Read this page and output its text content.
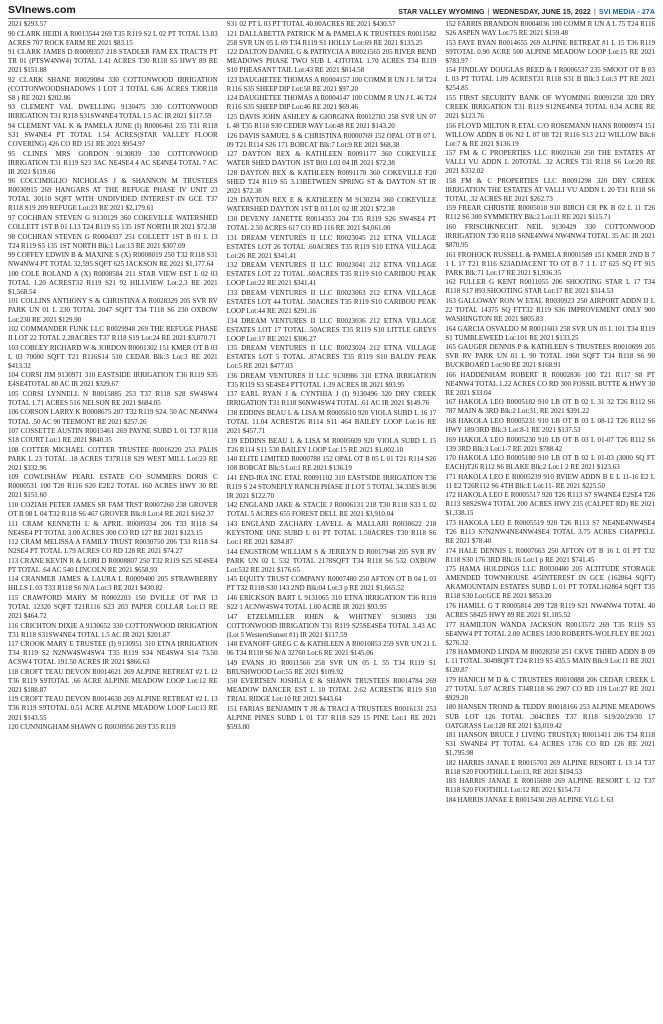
SVInews.com	STAR VALLEY WYOMING | WEDNESDAY, JUNE 15, 2022 | SVI MEDIA - 27A

2021 $293.57

90 CLARK HEIDI A R0013544 269 T35 R119 S2 L 02 PT TOTAL 13.83 ACRES 707 ROCK FARM RE 2021 $83.15

91 CLARK JAMES D R0009357 218 STADLER FAM EX TRACTS PT TR 01 (PTSW4NW4) TOTAL 1.41 ACRES T30 R118 S5 HWY 89 RE 2021 $151.88

92 CLARK SHANE R0029084 330 COTTONWOOD IRRIGATION (COTTONWOODSHADOWS I LOT 3 TOTAL 6.86 ACRES T30R118 S8 ) RE 2021 $202.86

93 CLEMENT VAL DWELLING 9130475 330 COTTONWOOD IRRIGATION T31 R118 S31SW4NE4 TOTAL 1.5 AC IR 2021 $117.59

94 CLEMENT VAL K & PAMELA JUNE (I) R0006461 235 T31 R118 S31 SW4NE4 PT TOTAL 1.54 ACRES(STAR VALLEY FLOOR COVERING) 426 CO RD 151 RE 2021 $954.97

95 CLINES MRS GORDON 9130839 330 COTTONWOOD IRRIGATION T31 R119 S23 3AC NE4SE4 4 AC SE4NE4 TOTAL 7 AC IR 2021 $119.66

96 COCCIMIGLIO NICHOLAS J & SHANNON M TRUSTEES R0030915 269 HANGARS AT THE REFUGE PHASE IV UNIT 23 TOTAL 30110 SQFT WITH UNDIVIDED INTEREST IN GCE T37 R118 S19 209 REFUGE Lot:23 RE 2021 $2,179.61

97 COCHRAN STEVEN G 9130129 360 COKEVILLE WATERSHED COLLETT 1ST B 01 L13 T24 R119 S5 135 1ST NORTH IR 2021 $72.38

98 COCHRAN STEVEN G R0004337 251 COLLETT 1ST B 01 L 13 T24 R119 S5 135 1ST NORTH Blk:1 Lot:13 RE 2021 $307.09

99 COFFEY EDWIN B & MAXINE S (X) R0008019 250 T32 R118 S31 NW4NW4 PT TOTAL 32,595 SQFT 625 JACKSON RE 2021 $1,177.64

100 COLE ROLAND A (X) R0008584 211 STAR VIEW EST L 02 03 TOTAL 1.20 ACREST32 R119 S21 92 HILLVIEW Lot:2,3 RE 2021 $1,568.54

101 COLLINS ANTHONY S & CHRISTINA A R0028329 205 SVR RV PARK UN 01 L 230 TOTAL 2047 SQFT T34 T118 S6 230 OXBOW Lot:230 RE 2021 $129.90

102 COMMANDER FUNK LLC R0029948 269 THE REFUGE PHASE II LOT 22 TOTAL 2.28ACRES T37 R118 S19 Lot:24 RE 2021 $3,870.71

103 COBLEY RICHARD W & JORDON R0001302 151 KMER OT B 03 L 03 70000 SQFT T21 R116S14 510 CEDAR Blk:3 Lot:3 RE 2021 $413.32

104 CORSI JIM 9130971 310 EASTSIDE IRRIGATION T36 R119 S35 E4SE4TOTAL 80 AC IR 2021 $329.67

105 CORSI LYNNELL N R0015885 253 T37 R118 S28 SW4SW4 TOTAL 1.71 ACRES 516 NELSON RE 2021 $684.05

106 CORSON LARRY K R0008675 207 T32 R119 S24. 50 AC NE4NW4 TOTAL .50 AC 90 TEEMONT RE 2021 $257.26

107 COSSETTE AUSTIN R0015461 269 PAYNE SUBD L 01 T37 R118 S18 COURT Lot:1 RE 2021 $840.35

108 COTTER MICHAEL COTTER TRUSTEE R0016220 253 PALIS PARK L 23 TOTAL .18 ACRES T37R118 S29 WEST MILL Lot:23 RE 2021 $332.96

109 COWLISHAW PEARL ESTATE C/O SUMMERS DORIS C R0000531 100 T20 R116 S20 E2E2 TOTAL 160 ACRES HWY 30 RE 2021 $151.60

110 COZIAH PETER JAMES SR FAM TRST R0007260 238 GROVER OT B 08 L 04 T32 R118 S6 467 GROVER Blk:8 Lot:4 RE 2021 $162.37

111 CRAM KENNETH L & APRIL R0009334 206 T33 R118 S4 NE4SE4 PT TOTAL 3.00 ACRES 300 CO RD 127 RE 2021 $123.15

112 CRAM MELISSA A FAMILY TRUST R0030750 206 T33 R118 S4 N2SE4 PT TOTAL 1.79 ACRES CO RD 128 RE 2021 $74.27

113 CRANE KEVIN R & LORI D R0008807 250 T32 R119 S25 SE4SE4 PT TOTAL .64 AC 540 LINCOLN RE 2021 $658.93

114 CRANMER JAMES & LAURA L R0009400 205 STRAWBERRY HILLS L 03 T33 R118 S6 N/A Lot:3 RE 2021 $430.82

115 CRAWFORD MARY M R0002203 150 DVILLE OT PAR 13 TOTAL 12320 SQFT T21R116 S23 203 PAPER COLLAR Lot:13 RE 2021 $464.72

116 CRICHTON DIXIE A 9130652 330 COTTONWOOD IRRIGATION T31 R118 S31SW4NE4 TOTAL 1.5 AC IR 2021 $201.87

117 CROOK MARY E TRUSTEE (I) 9130951 310 ETNA IRRIGATION T34 R119 S2 N2NW4SW4SW4 T35 R119 S34 NE4SW4 S14 73.50 ACSW4 TOTAL 191.50 ACRES IR 2021 $866.63

118 CROFT TEAU DEVON R0014621 269 ALPINE RETREAT #2 L 12 T36 R119 S9TOTAL .66 ACRE ALPINE MEADOW LOOP Lot:12 RE 2021 $188.87

119 CROFT TEAU DEVON R0014630 269 ALPINE RETREAT #2 L 13 T36 R119 S9TOTAL 0.51 ACRE ALPINE MEADOW LOOP Lot:13 RE 2021 $143.55

120 CUNNINGHAM SHAWN G R0030956 269 T35 R119

S31 02 PT L 03 PT TOTAL 40.00ACRES RE 2021 $430.57

121 DALLABETTA PATRICK M & PAMELA K TRUSTEES R0011582 258 SVR UN 05 L 69 T34 R119 S1 HOLLY Lot:69 RE 2021 $133.25

122 DALTON DANIEL G & PATRYCIA A R0021565 205 RIVER BEND MEADOWS PHASE TWO SUB L 43TOTAL 1.70 ACRES T34 R119 S10 PHEASANT TAIL Lot:43 RE 2021 $814.58

123 DAUGHETEE THOMAS A R0004157 100 COMM R UN J L 58 T24 R116 S35 SHEEP DIP Lot:58 RE 2021 $97.20

124 DAUGHETEE THOMAS A R0004147 100 COMM R UN J L 46 T24 R116 S35 SHEEP DIP Lot:46 RE 2021 $69.46

125 DAVIS JOHN ASHLEY & GIORGINA R0012783 258 SVR UN 07 L 48 T35 R118 S30 CEDER WAY Lot:48 RE 2021 $143.20

126 DAVIS SAMUEL S & CHRISTINA R0000769 152 OPAL OT B 07 L 09 T21 R114 S26 171 BOBCAT Blk:7 Lot:9 RE 2021 $68.38

127 DAYTON REX & KATHLEEN R0091177 360 COKEVILLE WATER SHED DAYTON 1ST B03 L03 04 IR 2021 $72.38

128 DAYTON REX & KATHLEEN R0091178 360 COKEVILLE F20 SHED T24 R119 S5 3.13BETWEEN SPRING ST & DAYTON ST IR 2021 $72.38

129 DAYTON REX E & KATHLEEN M 9130234 360 COKEVILLE WATERSHED DAYTON 1ST B 03 L01 02 IR 2021 $72.38

130 DEVENY JANETTE R0014353 204 T35 R119 S26 SW4SE4 PT TOTAL 2.50 ACRES 617 CO RD 116 RE 2021 $4,061.00

131 DREAM VENTURES II LLC R0023045 212 ETNA VILLAGE ESTATES LOT 26 TOTAL .60ACRES T35 R119 S10 ETNA VILLAGE Lot:26 RE 2021 $341.41

132 DREAM VENTURES II LLC R0023041 212 ETNA VILLAGE ESTATES LOT 22 TOTAL .60ACRES T35 R119 S10 CARIBOU PEAK LOOP Lot:22 RE 2021 $341.41

133 DREAM VENTURES II LLC R0023063 212 ETNA VILLAGE ESTATES LOT 44 TOTAL .50ACRES T35 R119 S10 CARIBOU PEAK LOOP Lot:44 RE 2021 $291.16

134 DREAM VENTURES II LLC R0023036 212 ETNA VILLAGE ESTATES LOT 17 TOTAL .50ACRES T35 R119 S10 LITTLE GREYS LOOP Lot:17 RE 2021 $306.27

135 DREAM VENTURES II LLC R0023024 212 ETNA VILLAGE ESTATES LOT 5 TOTAL .87ACRES T35 R119 S10 BALDY PEAK Lot:5 RE 2021 $477.03

136 DREAM VENTURES II LLC 9130986 310 ETNA IRRIGATION T35 R119 S3 SE4SE4 PTTOTAL 1.39 ACRES IR 2021 $93.95

137 EARL RYAN J & CYNTHIA J (I) 9130496 320 DRY CREEK IRRIGATION T31 R118 S6NW4SW4 TOTAL .61 AC IR 2021 $149.76

138 EDDINS BEAU L & LISA M R0005610 920 VIOLA SUBD L 16 17 TOTAL 11.04 ACREST26 R114 S11 464 BAILEY LOOP Lot:16 RE 2021 $457.71

139 EDDINS BEAU L & LISA M R0005609 920 VIOLA SUBD L 15 T26 R114 S11 530 BAILEY LOOP Lot:15 RE 2021 $1,002.10

140 ELITE LIMITED R0000788 152 OPAL OT B 05 L 01 T21 R114 S26 108 BOBCAT Blk:5 Lot:1 RE 2021 $136.19

141 END-IRA INC ETAL R0091102 310 EASTSIDE IRRIGATION T36 R119 S 24 STONEFLY RANCH PHASE II LOT 5 TOTAL 34.33ES I0.96 IR 2021 $122.70

142 ENGLAND JAKE & STACIE J R0006131 218 T30 R118 S33 L 02 TOTAL 5 ACRES 655 FOREST DELL RE 2021 $3,910.04

143 ENGLAND ZACHARY LAVELL & MALLARI R0030622 218 KEYSTONE ONE SUBD L 01 PT TOTAL 1.50ACRES T30 R118 S6 Lot:1 RE 2021 $284.87

144 ENGSTROM WILLIAM S & JERILYN D R0017948 205 SVR RV PARK UN 02 L 532 TOTAL 2178SQFT T34 R118 S6 532 OXBOW Lot:532 RE 2021 $176.65

145 EQUITY TRUST COMPANY R0007480 250 AFTON OT B 04 L 03 PT T32 R118 S30 143 2ND Blk:04 Lot:3 p RE 2021 $1,665.52

146 ERICKSON BART L 9131065 310 ETNA IRRIGATION T36 R119 S22 1 ACNW4SW4 TOTAL 1.00 ACRE IR 2021 $93.95

147 ETZELMILLER RHEN & WHITNEY 9130893 330 COTTONWOOD IRRIGATION T31 R119 S25SE4SE4 TOTAL 3.43 AC (Lot 5 WesternSunset #1) IR 2021 $117.59

148 EVANOFF GREG C & KATHLEEN A R0010853 259 SVR UN 21 L 06 T34 R118 S6 N/A 32760 Lot:6 RE 2021 $145.06

149 EVANS JO R0011566 258 SVR UN 05 L 55 T34 R119 S1 BRUSHWOOD Lot:55 RE 2021 $109.92

150 EVERTSEN JOSHUA E & SHAWN TRUSTEES R0014784 269 MEADOW DANCER EST L 10 TOTAL 2.62 ACREST36 R119 S10 TRIAL RIDGE Lot:10 RE 2021 $443.64

151 FARIAS BENJAMIN T JR & TRACI A TRUSTEES R0016131 253 ALPINE PINES SUBD L 01 T37 R118 S29 15 PINE Lot:1 RE 2021 $593.80

152 FARRIS BRANDON R0004036 100 COMM R UN A L 75 T24 R116 S26 ASPEN WAY Lot:75 RE 2021 $159.48

153 FAYE RYAN R0014655 269 ALPINE RETREAT #1 L 15 T36 R119 S9TOTAL 0.90 ACRE 500 ALPINE MEADOW LOOP Lot:15 RE 2021 $783.97

154 FINDLAY DOUGLAS REED & I R0006537 235 SMOOT OT B 03 L 03 PT TOTAL 1.09 ACREST31 R118 S31 B Blk:3 Lot:3 PT RE 2021 $254.85

155 FIRST SECURITY BANK OF WYOMING R0091258 320 DRY CREEK IRRIGATION T31 R119 S12NE4NE4 TOTAL 0.34 ACRE RE 2021 $123.76

156 FLOYD MILTON R ETAL C/O ROSEMANN HANS R0000974 151 WILLOW ADDN B 06 N2 L 07 08 T21 R116 S13 212 WILLOW Blk:6 Lot:7 & RE 2021 $136.19

157 FM & C PROPERTIES LLC R0021630 250 THE ESTATES AT VALLI VU ADDN L 20TOTAL .32 ACRES T31 R118 S6 Lot:20 RE 2021 $332.02

158 FM & C PROPERTIES LLC R0091298 320 DRY CREEK IRRIGATION THE ESTATES AT VALLI VU ADDN L 20 T31 R118 S6 TOTAL .32 ACRES RE 2021 $262.73

159 FREAR CHRISTIE R0005018 910 BIRCH CR PK B 02 L 11 T26 R112 S6 300 SYMMETRY Blk:2 Lot:11 RE 2021 $115.71

160 FRISCHKNECHT NEIL 9130429 330 COTTONWOOD IRRIGATION T30 R118 S6NE4NW4 NW4NW4 TOTAL 35 AC IR 2021 $870.95

161 FROHOCK RUSSELL & PAMELA R0001589 151 KMER 2ND B 7 1 L 17 T21 R116 S23ADJACENT TO OT B 7 1 L 17 625 SQ FT 915 PARK Blk:71 Lot:17 RE 2021 $1,936.35

162 FULLER G KENT R0011055 206 SHOOTING STAR L 17 T34 R118 S17 893 SHOOTING STAR Lot:17 RE 2021 $314.53

163 GALLOWAY RON W ETAL R0030923 250 AIRPORT ADDN II L 22 TOTAL 14375 SQ FTT32 R119 S36 IMPROVEMENT ONLY 900 WASHINGTON RE 2021 $805.83

164 GARCIA OSVALDO M R0011603 258 SVR UN 05 L 101 T34 R119 S1 TUMBLEWEED Lot:101 RE 2021 $133.25

165 GAUGER DENNIS P & KATHLEEN S TRUSTEES R0010699 205 SVR RV PARK UN 01 L 90 TOTAL 1960 SQFT T34 R118 S6 90 BUCKBOARD Lot:90 RE 2021 $168.91

166 HADDENHAM ROBERT R R0002836 100 T21 R117 S8 PT NE4NW4 TOTAL 1.22 ACRES CO RD 300 FOSSIL BUTTE & HWY 30 RE 2021 $33.04

167 HAKOLA LEO R0005182 910 LB OT B 02 L 31 32 T26 R112 S6 787 MAIN & 3RD Blk:2 Lot:31, RE 2021 $391.22

168 HAKOLA LEO R0005231 910 LB OT B 03 L 08-12 T26 R112 S6 HWY 189/3RD Blk:3 Lot:8-1 RE 2021 $137.53

169 HAKOLA LEO R0005230 910 LB OT B 03 L 01-07 T26 R112 S6 139 3RD Blk:3 Lot:1-7 RE 2021 $788.42

170 HAKOLA LEO R0005180 910 LB OT B 02 L 01-03 (3000 SQ FT EACH)T26 R112 S6 BLAKE Blk:2 Lot:1 2 RE 2021 $123.63

171 HAKOLA LEO E R0005239 910 RVIEW ADDN B E L 11-16 E2 L 11 E2 T26R112 S6 4TH Blk:E Lot:11- RE 2021 $225.50

172 HAKOLA LEO E R0005517 920 T26 R113 S7 SW4NE4 E2SE4 T26 R113 S8S2SW4 TOTAL 200 ACRES HWY 235 (CALPET RD) RE 2021 $1,338.15

173 HAKOLA LEO E R0005519 920 T26 R113 S7 NE4NE4NW4SE4 T26 R113 S7N2NW4NE4NW4SE4 TOTAL 3.75 ACRES CHAPPELL RE 2021 $78.40

174 HALE DENNIS L R0007663 250 AFTON OT B 16 L 01 PT T32 R118 S30 176 3RD Blk:16 Lot:1 p RE 2021 $741.45

175 HAMA HOLDINGS LLC R0030480 205 ALTITUDE STORAGE AMENDED TOWNHOUSE 4/5INTEREST IN GCE (162864 SQFT) AKAMOUNTAIN ESTATES SUBD L 01 PT TOTAL162864 SQFT T35 R118 S30 Lot:GCE RE 2021 $853.20

176 HAMILL G T R0005814 209 T28 R119 S21 NW4NW4 TOTAL 40 ACRES 58425 HWY 89 RE 2021 $1,185.52

177 HAMILTON WANDA JACKSON R0013572 269 T35 R119 S3 SE4NW4 PT TOTAL 2.00 ACRES 1830 ROBERTS-WOLFLEY RE 2021 $276.32

178 HAMMOND LINDA M R0028350 251 CKVE THIRD ADDN B 09 L 11 TOTAL 30498QFT T24 R119 S5 435.5 MAIN Blk:9 Lot:11 RE 2021 $120.87

179 HANICH M D & C TRUSTEES R0010888 206 CEDAR CREEK L 27 TOTAL 5.07 ACRES T34R118 S6 2907 CO RD 119 Lot:27 RE 2021 $929.20

180 HANSEN TROND & TEDDY R0018166 253 ALPINE MEADOWS SUB LOT 126 TOTAL .304CRES T37 R118 S19/20/29/30 17 OATGRASS Lot:128 RE 2021 $3,019.42

181 HANSON BRUCE J LIVING TRUST(X) R0011411 206 T34 R118 S31 SW4NE4 PT TOTAL 6.4 ACRES 1736 CO RD 126 RE 2021 $1,795.98

182 HARRIS JANAE E R0015703 269 ALPINE RESORT L 13 14 T37 R118 S20 FOOTHILL Lot:13, RE 2021 $194.53

183 HARRIS JANAE E R0015698 269 ALPINE RESORT L 12 T37 R118 S20 FOOTHILL Lot:12 RE 2021 $154.73

184 HARRIS JANAE E R0015430 269 ALPINE VLG L 63
